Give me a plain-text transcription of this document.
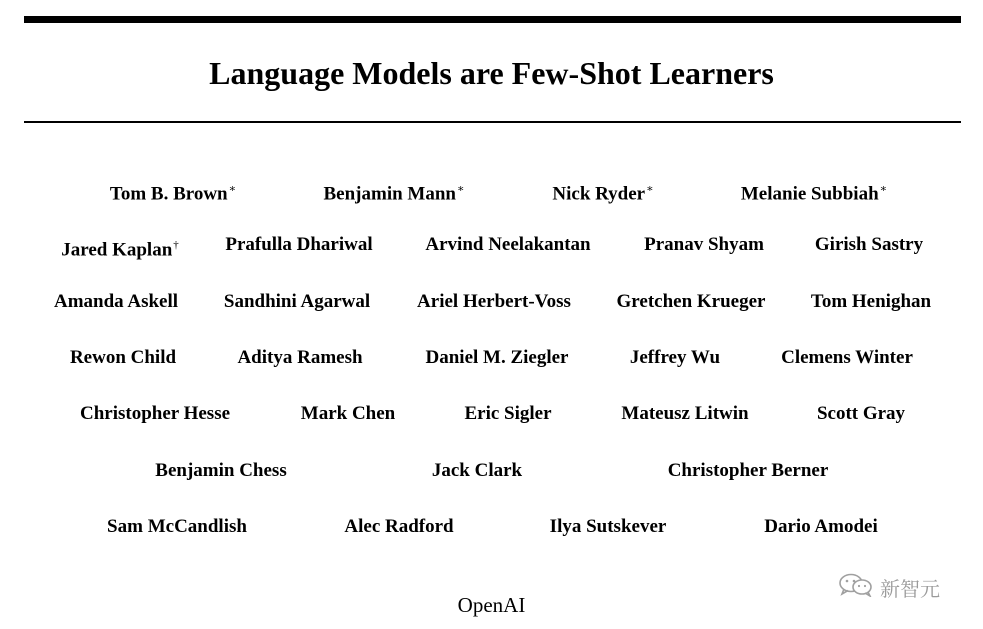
Language Models are Few-Shot Learners
Tom B. Brown∗	Benjamin Mann∗	Nick Ryder∗	Melanie Subbiah∗
Jared Kaplan† Prafulla Dhariwal	Arvind Neelakantan	Pranav Shyam	Girish Sastry
Amanda Askell Sandhini Agarwal Ariel Herbert-Voss Gretchen Krueger Tom Henighan
Rewon Child	Aditya Ramesh	Daniel M. Ziegler	Jeffrey Wu	Clemens Winter
Christopher Hesse	Mark Chen	Eric Sigler	Mateusz Litwin	Scott Gray
Benjamin Chess	Jack Clark	Christopher Berner
Sam McCandlish	Alec Radford	Ilya Sutskever	Dario Amodei
OpenAI
新智元
